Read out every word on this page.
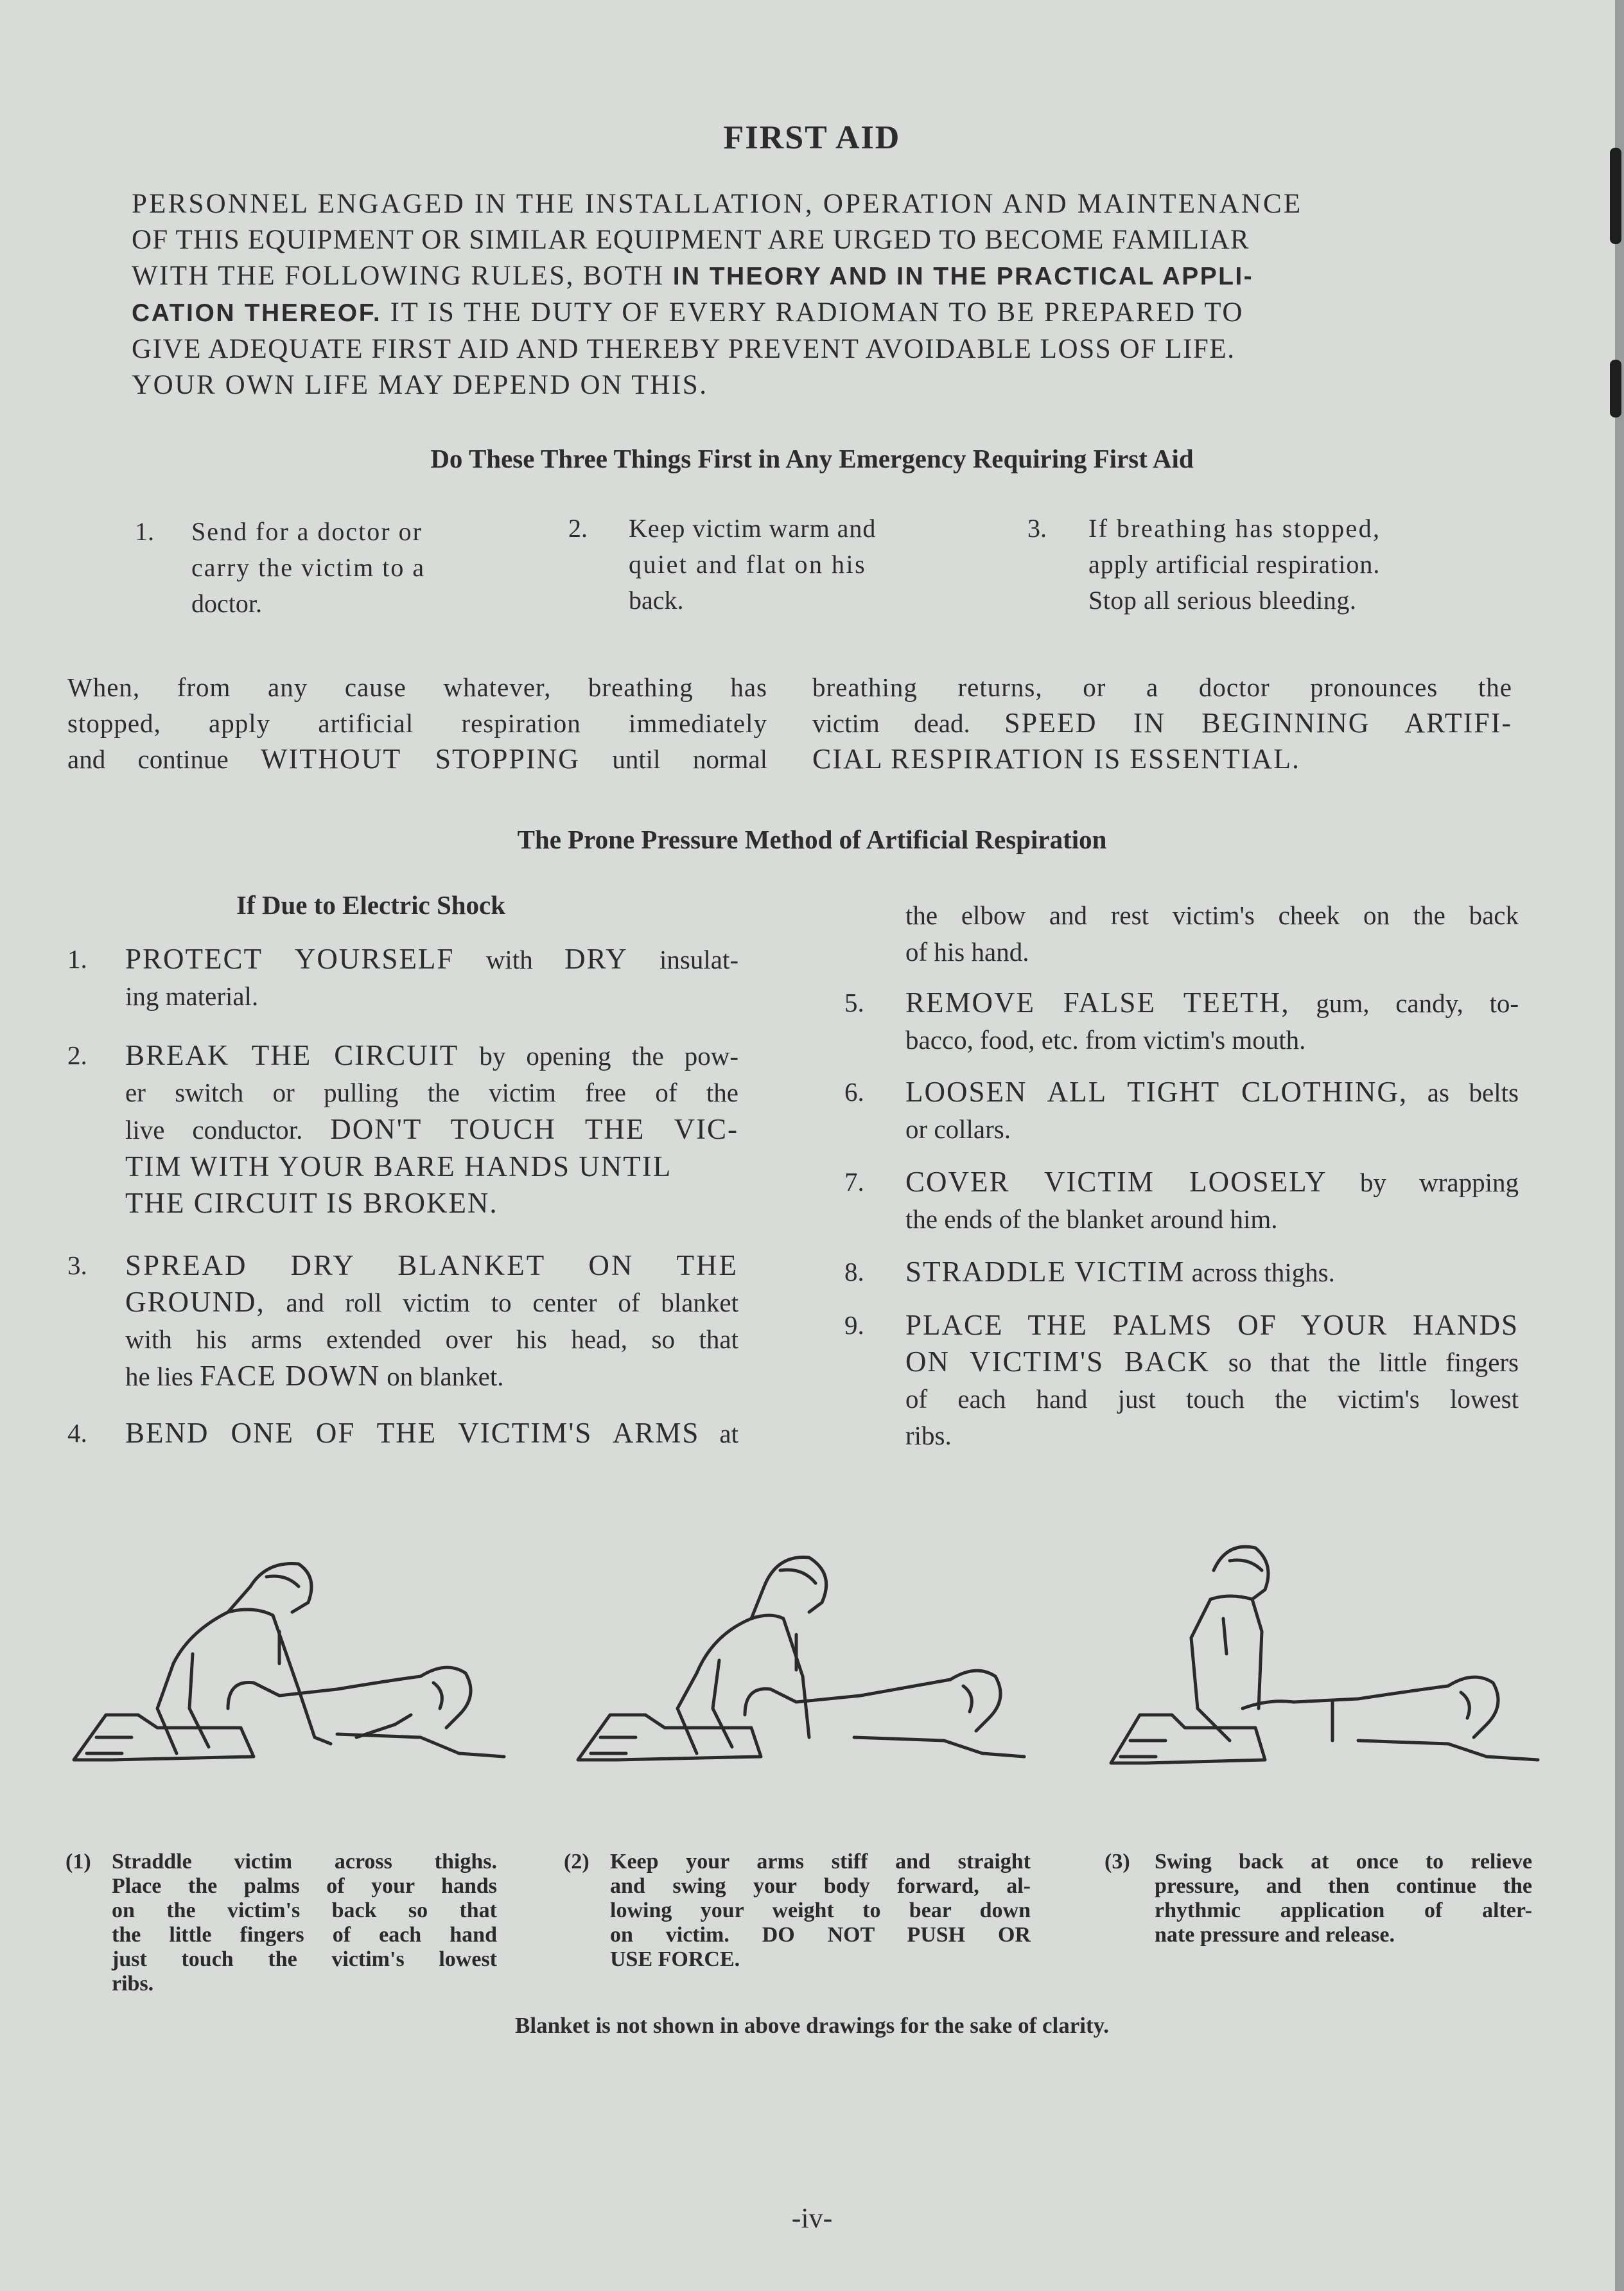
FIRST AID
PERSONNEL ENGAGED IN THE INSTALLATION, OPERATION AND MAINTENANCE
OF THIS EQUIPMENT OR SIMILAR EQUIPMENT ARE URGED TO BECOME FAMILIAR
WITH THE FOLLOWING RULES, BOTH IN THEORY AND IN THE PRACTICAL APPLI-
CATION THEREOF. IT IS THE DUTY OF EVERY RADIOMAN TO BE PREPARED TO
GIVE ADEQUATE FIRST AID AND THEREBY PREVENT AVOIDABLE LOSS OF LIFE.
YOUR OWN LIFE MAY DEPEND ON THIS.
Do These Three Things First in Any Emergency Requiring First Aid
1. Send for a doctor or
carry the victim to a
doctor.
2. Keep victim warm and
quiet and flat on his
back.
3. If breathing has stopped,
apply artificial respiration.
Stop all serious bleeding.
When, from any cause whatever, breathing has
stopped, apply artificial respiration immediately
and continue WITHOUT STOPPING until normal
breathing returns, or a doctor pronounces the
victim dead. SPEED IN BEGINNING ARTIFI-
CIAL RESPIRATION IS ESSENTIAL.
The Prone Pressure Method of Artificial Respiration
If Due to Electric Shock
1. PROTECT YOURSELF with DRY insulat-
ing material.
2. BREAK THE CIRCUIT by opening the pow-
er switch or pulling the victim free of the
live conductor. DON'T TOUCH THE VIC-
TIM WITH YOUR BARE HANDS UNTIL
THE CIRCUIT IS BROKEN.
3. SPREAD DRY BLANKET ON THE
GROUND, and roll victim to center of blanket
with his arms extended over his head, so that
he lies FACE DOWN on blanket.
4. BEND ONE OF THE VICTIM'S ARMS at
the elbow and rest victim's cheek on the back
of his hand.
5. REMOVE FALSE TEETH, gum, candy, to-
bacco, food, etc. from victim's mouth.
6. LOOSEN ALL TIGHT CLOTHING, as belts
or collars.
7. COVER VICTIM LOOSELY by wrapping
the ends of the blanket around him.
8. STRADDLE VICTIM across thighs.
9. PLACE THE PALMS OF YOUR HANDS
ON VICTIM'S BACK so that the little fingers
of each hand just touch the victim's lowest
ribs.
(1) Straddle victim across thighs.
Place the palms of your hands
on the victim's back so that
the little fingers of each hand
just touch the victim's lowest
ribs.
(2) Keep your arms stiff and straight
and swing your body forward, al-
lowing your weight to bear down
on victim. DO NOT PUSH OR
USE FORCE.
(3) Swing back at once to relieve
pressure, and then continue the
rhythmic application of alter-
nate pressure and release.

Blanket is not shown in above drawings for the sake of clarity.

-iv-
